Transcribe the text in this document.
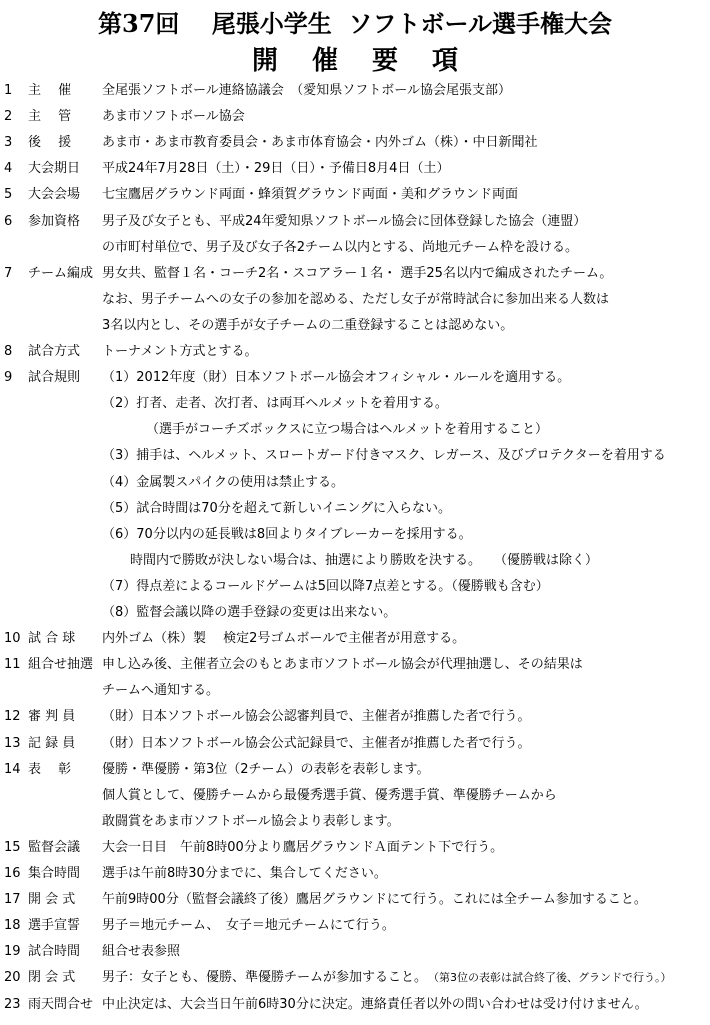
第37回　 尾張小学生  ソフトボール選手権大会
開催要項
1	主　 催	全尾張ソフトボール連絡協議会　（愛知県ソフトボール協会尾張支部）
2	主　 管	あま市ソフトボール協会
3	後　 援	あま市・あま市教育委員会・あま市体育協会・内外ゴム（株）・中日新聞社
4	大会期日	平成24年7月28日（土）・29日（日）・予備日8月4日（土）
5	大会会場	七宝鷹居グラウンド両面・蜂須賀グラウンド両面・美和グラウンド両面
6	参加資格	男子及び女子とも、平成24年愛知県ソフトボール協会に団体登録した協会（連盟）
の市町村単位で、男子及び女子各2チーム以内とする、尚地元チーム枠を設ける。
7	チーム編成 男女共、監督１名・コーチ2名・スコアラー１名・ 選手25名以内で編成されたチーム。
なお、男子チームへの女子の参加を認める、ただし女子が常時試合に参加出来る人数は
3名以内とし、その選手が女子チームの二重登録することは認めない。
8	試合方式	トーナメント方式とする。
9	試合規則	（1）2012年度（財）日本ソフトボール協会オフィシャル・ルールを適用する。
（2）打者、走者、次打者、は両耳ヘルメットを着用する。
（選手がコーチズボックスに立つ場合はヘルメットを着用すること）
（3）捕手は、ヘルメット、スロートガード付きマスク、レガース、及びプロテクターを着用する
（4）金属製スパイクの使用は禁止する。
（5）試合時間は70分を超えて新しいイニングに入らない。
（6）70分以内の延長戦は8回よりタイブレーカーを採用する。
時間内で勝敗が決しない場合は、抽選により勝敗を決する。　　（優勝戦は除く）
（7）得点差によるコールドゲームは5回以降7点差とする。（優勝戦も含む）
（8）監督会議以降の選手登録の変更は出来ない。
10 試 合 球	内外ゴム（株）製　 検定2号ゴムボールで主催者が用意する。
11 組合せ抽選 申し込み後、主催者立会のもとあま市ソフトボール協会が代理抽選し、その結果は
チームへ通知する。
12 審 判 員	（財）日本ソフトボール協会公認審判員で、主催者が推薦した者で行う。
13 記 録 員	（財）日本ソフトボール協会公式記録員で、主催者が推薦した者で行う。
14 表　 彰	優勝・準優勝・第3位（2チーム）の表彰を表彰します。
個人賞として、優勝チームから最優秀選手賞、優秀選手賞、準優勝チームから
敢闘賞をあま市ソフトボール協会より表彰します。
15 監督会議	大会一日目　午前8時00分より鷹居グラウンドＡ面テント下で行う。
16 集合時間	選手は午前8時30分までに、集合してください。
17 開 会 式	午前9時00分（監督会議終了後）鷹居グラウンドにて行う。これには全チーム参加すること。
18 選手宣誓	男子＝地元チーム、　女子＝地元チームにて行う。
19 試合時間	組合せ表参照
20 閉 会 式	男子：女子とも、優勝、準優勝チームが参加すること。 （第3位の表彰は試合終了後、グランドで行う。）
23 雨天問合せ 中止決定は、大会当日午前6時30分に決定。連絡責任者以外の問い合わせは受け付けません。
